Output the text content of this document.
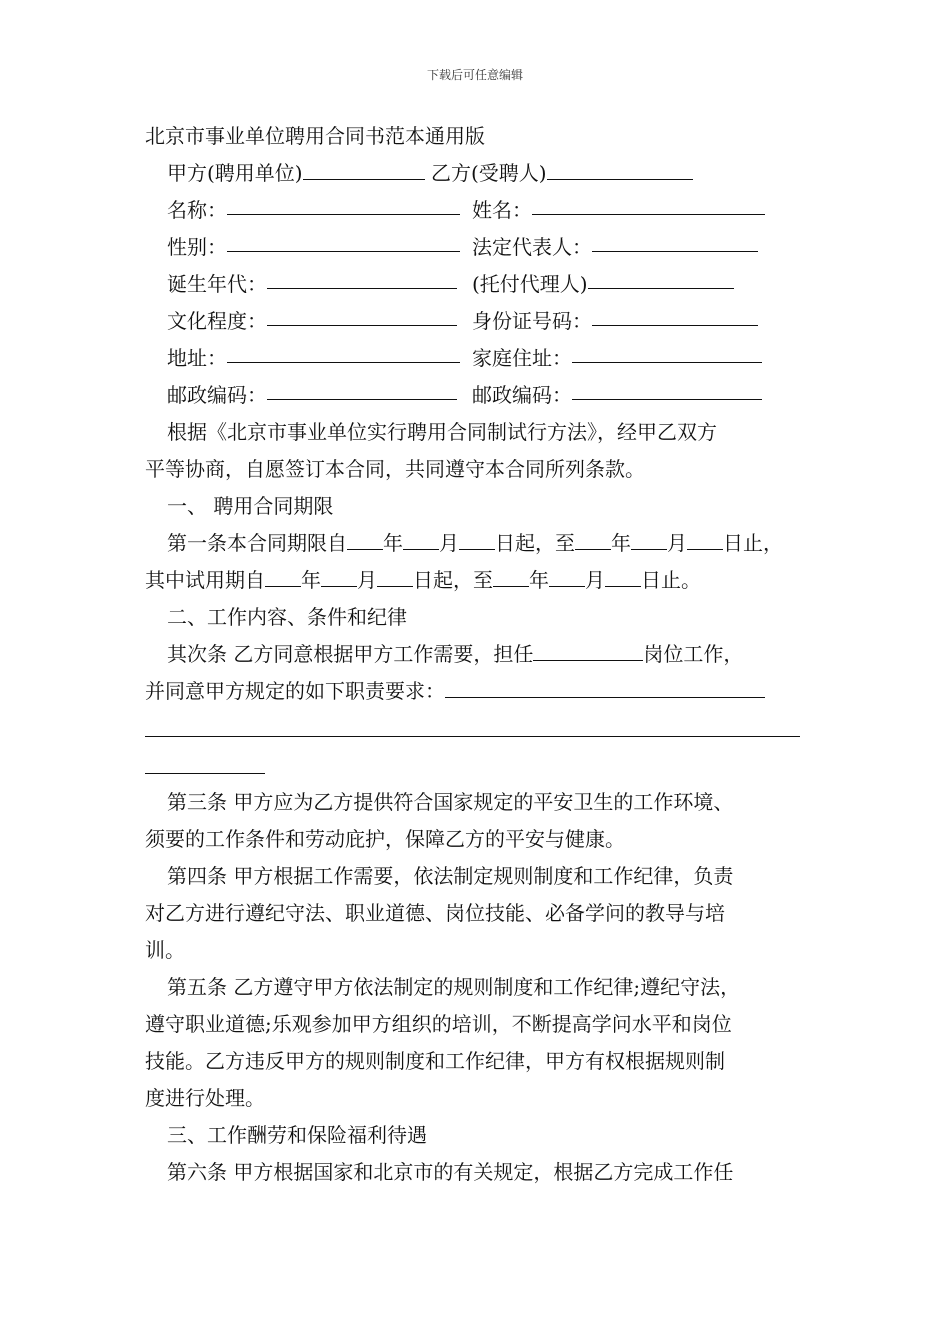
下载后可任意编辑
北京市事业单位聘用合同书范本通用版
甲方(聘用单位)	乙方(受聘人)
名称：	姓名：
性别：	法定代表人：
诞生年代：	(托付代理人)
文化程度：	身份证号码：
地址：	家庭住址：
邮政编码：	邮政编码：
根据《北京市事业单位实行聘用合同制试行方法》，经甲乙双方
平等协商，自愿签订本合同，共同遵守本合同所列条款。
一、 聘用合同期限
第一条本合同期限自 年 月 日起，至 年 月 日止，
其中试用期自 年 月 日起，至 年 月 日止。
二、工作内容、条件和纪律
其次条 乙方同意根据甲方工作需要，担任	岗位工作，
并同意甲方规定的如下职责要求：
第三条 甲方应为乙方提供符合国家规定的平安卫生的工作环境、
须要的工作条件和劳动庇护，保障乙方的平安与健康。
第四条 甲方根据工作需要，依法制定规则制度和工作纪律，负责
对乙方进行遵纪守法、职业道德、岗位技能、必备学问的教导与培
训。
第五条 乙方遵守甲方依法制定的规则制度和工作纪律;遵纪守法，
遵守职业道德;乐观参加甲方组织的培训，不断提高学问水平和岗位
技能。乙方违反甲方的规则制度和工作纪律，甲方有权根据规则制
度进行处理。
三、工作酬劳和保险福利待遇
第六条 甲方根据国家和北京市的有关规定，根据乙方完成工作任
